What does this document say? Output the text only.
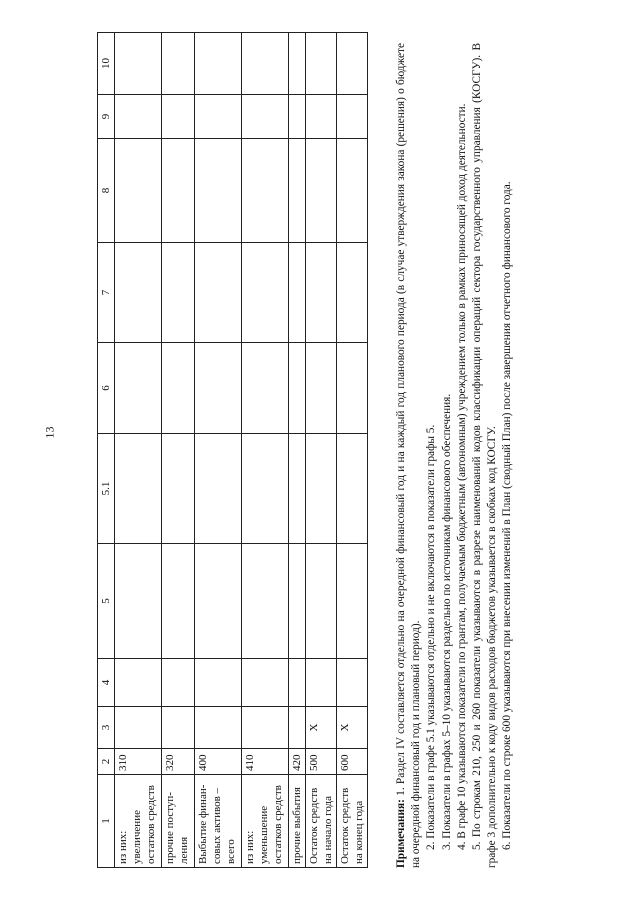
13
1	2	3	4	5	5.1	6	7	8	9	10
из них:
увеличение
остатков средств	310									
прочие поступ-
ления	320									
Выбытие финан-
совых активов –
всего	400									
из них:
уменьшение
остатков средств	410									
прочие выбытия	420									
Остаток средств
на начало года	500	X								
Остаток средств
на конец года	600	X								

Примечания: 1. Раздел IV составляется отдельно на очередной финансовый год и на каждый год планового периода (в случае утверждения закона (решения) о бюджете на очередной финансовый год и плановый период). 2. Показатели в графе 5.1 указываются отдельно и не включаются в показатели графы 5. 3. Показатели в графах 5–10 указываются раздельно по источникам финансового обеспечения. 4. В графе 10 указываются показатели по грантам, получаемым бюджетным (автономным) учреждением только в рамках приносящей доход деятельности. 5. По строкам 210, 250 и 260 показатели указываются в разрезе наименований кодов классификации операций сектора государственного управления (КОСГУ). В графе 3 дополнительно к коду видов расходов бюджетов указывается в скобках код КОСГУ. 6. Показатели по строке 600 указываются при внесении изменений в План (сводный План) после завершения отчетного финансового года.
